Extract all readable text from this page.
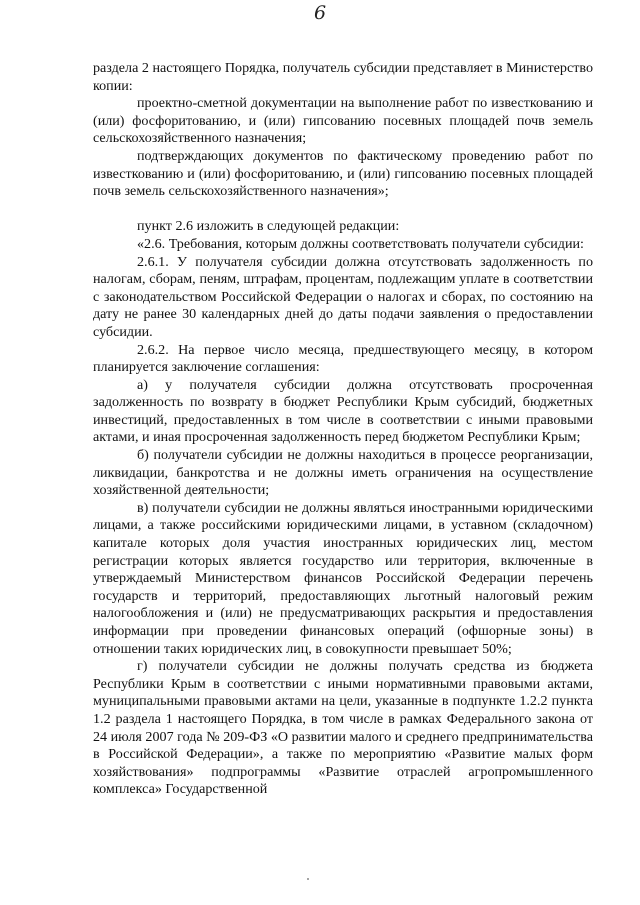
6

раздела 2 настоящего Порядка, получатель субсидии представляет в Министерство копии:

проектно-сметной документации на выполнение работ по известкованию и (или) фосфоритованию, и (или) гипсованию посевных площадей почв земель сельскохозяйственного назначения;

подтверждающих документов по фактическому проведению работ по известкованию и (или) фосфоритованию, и (или) гипсованию посевных площадей почв земель сельскохозяйственного назначения»;

пункт 2.6 изложить в следующей редакции:

«2.6. Требования, которым должны соответствовать получатели субсидии:

2.6.1. У получателя субсидии должна отсутствовать задолженность по налогам, сборам, пеням, штрафам, процентам, подлежащим уплате в соответствии с законодательством Российской Федерации о налогах и сборах, по состоянию на дату не ранее 30 календарных дней до даты подачи заявления о предоставлении субсидии.

2.6.2. На первое число месяца, предшествующего месяцу, в котором планируется заключение соглашения:

а) у получателя субсидии должна отсутствовать просроченная задолженность по возврату в бюджет Республики Крым субсидий, бюджетных инвестиций, предоставленных в том числе в соответствии с иными правовыми актами, и иная просроченная задолженность перед бюджетом Республики Крым;

б) получатели субсидии не должны находиться в процессе реорганизации, ликвидации, банкротства и не должны иметь ограничения на осуществление хозяйственной деятельности;

в) получатели субсидии не должны являться иностранными юридическими лицами, а также российскими юридическими лицами, в уставном (складочном) капитале которых доля участия иностранных юридических лиц, местом регистрации которых является государство или территория, включенные в утверждаемый Министерством финансов Российской Федерации перечень государств и территорий, предоставляющих льготный налоговый режим налогообложения и (или) не предусматривающих раскрытия и предоставления информации при проведении финансовых операций (офшорные зоны) в отношении таких юридических лиц, в совокупности превышает 50%;

г) получатели субсидии не должны получать средства из бюджета Республики Крым в соответствии с иными нормативными правовыми актами, муниципальными правовыми актами на цели, указанные в подпункте 1.2.2 пункта 1.2 раздела 1 настоящего Порядка, в том числе в рамках Федерального закона от 24 июля 2007 года № 209-ФЗ «О развитии малого и среднего предпринимательства в Российской Федерации», а также по мероприятию «Развитие малых форм хозяйствования» подпрограммы «Развитие отраслей агропромышленного комплекса» Государственной
